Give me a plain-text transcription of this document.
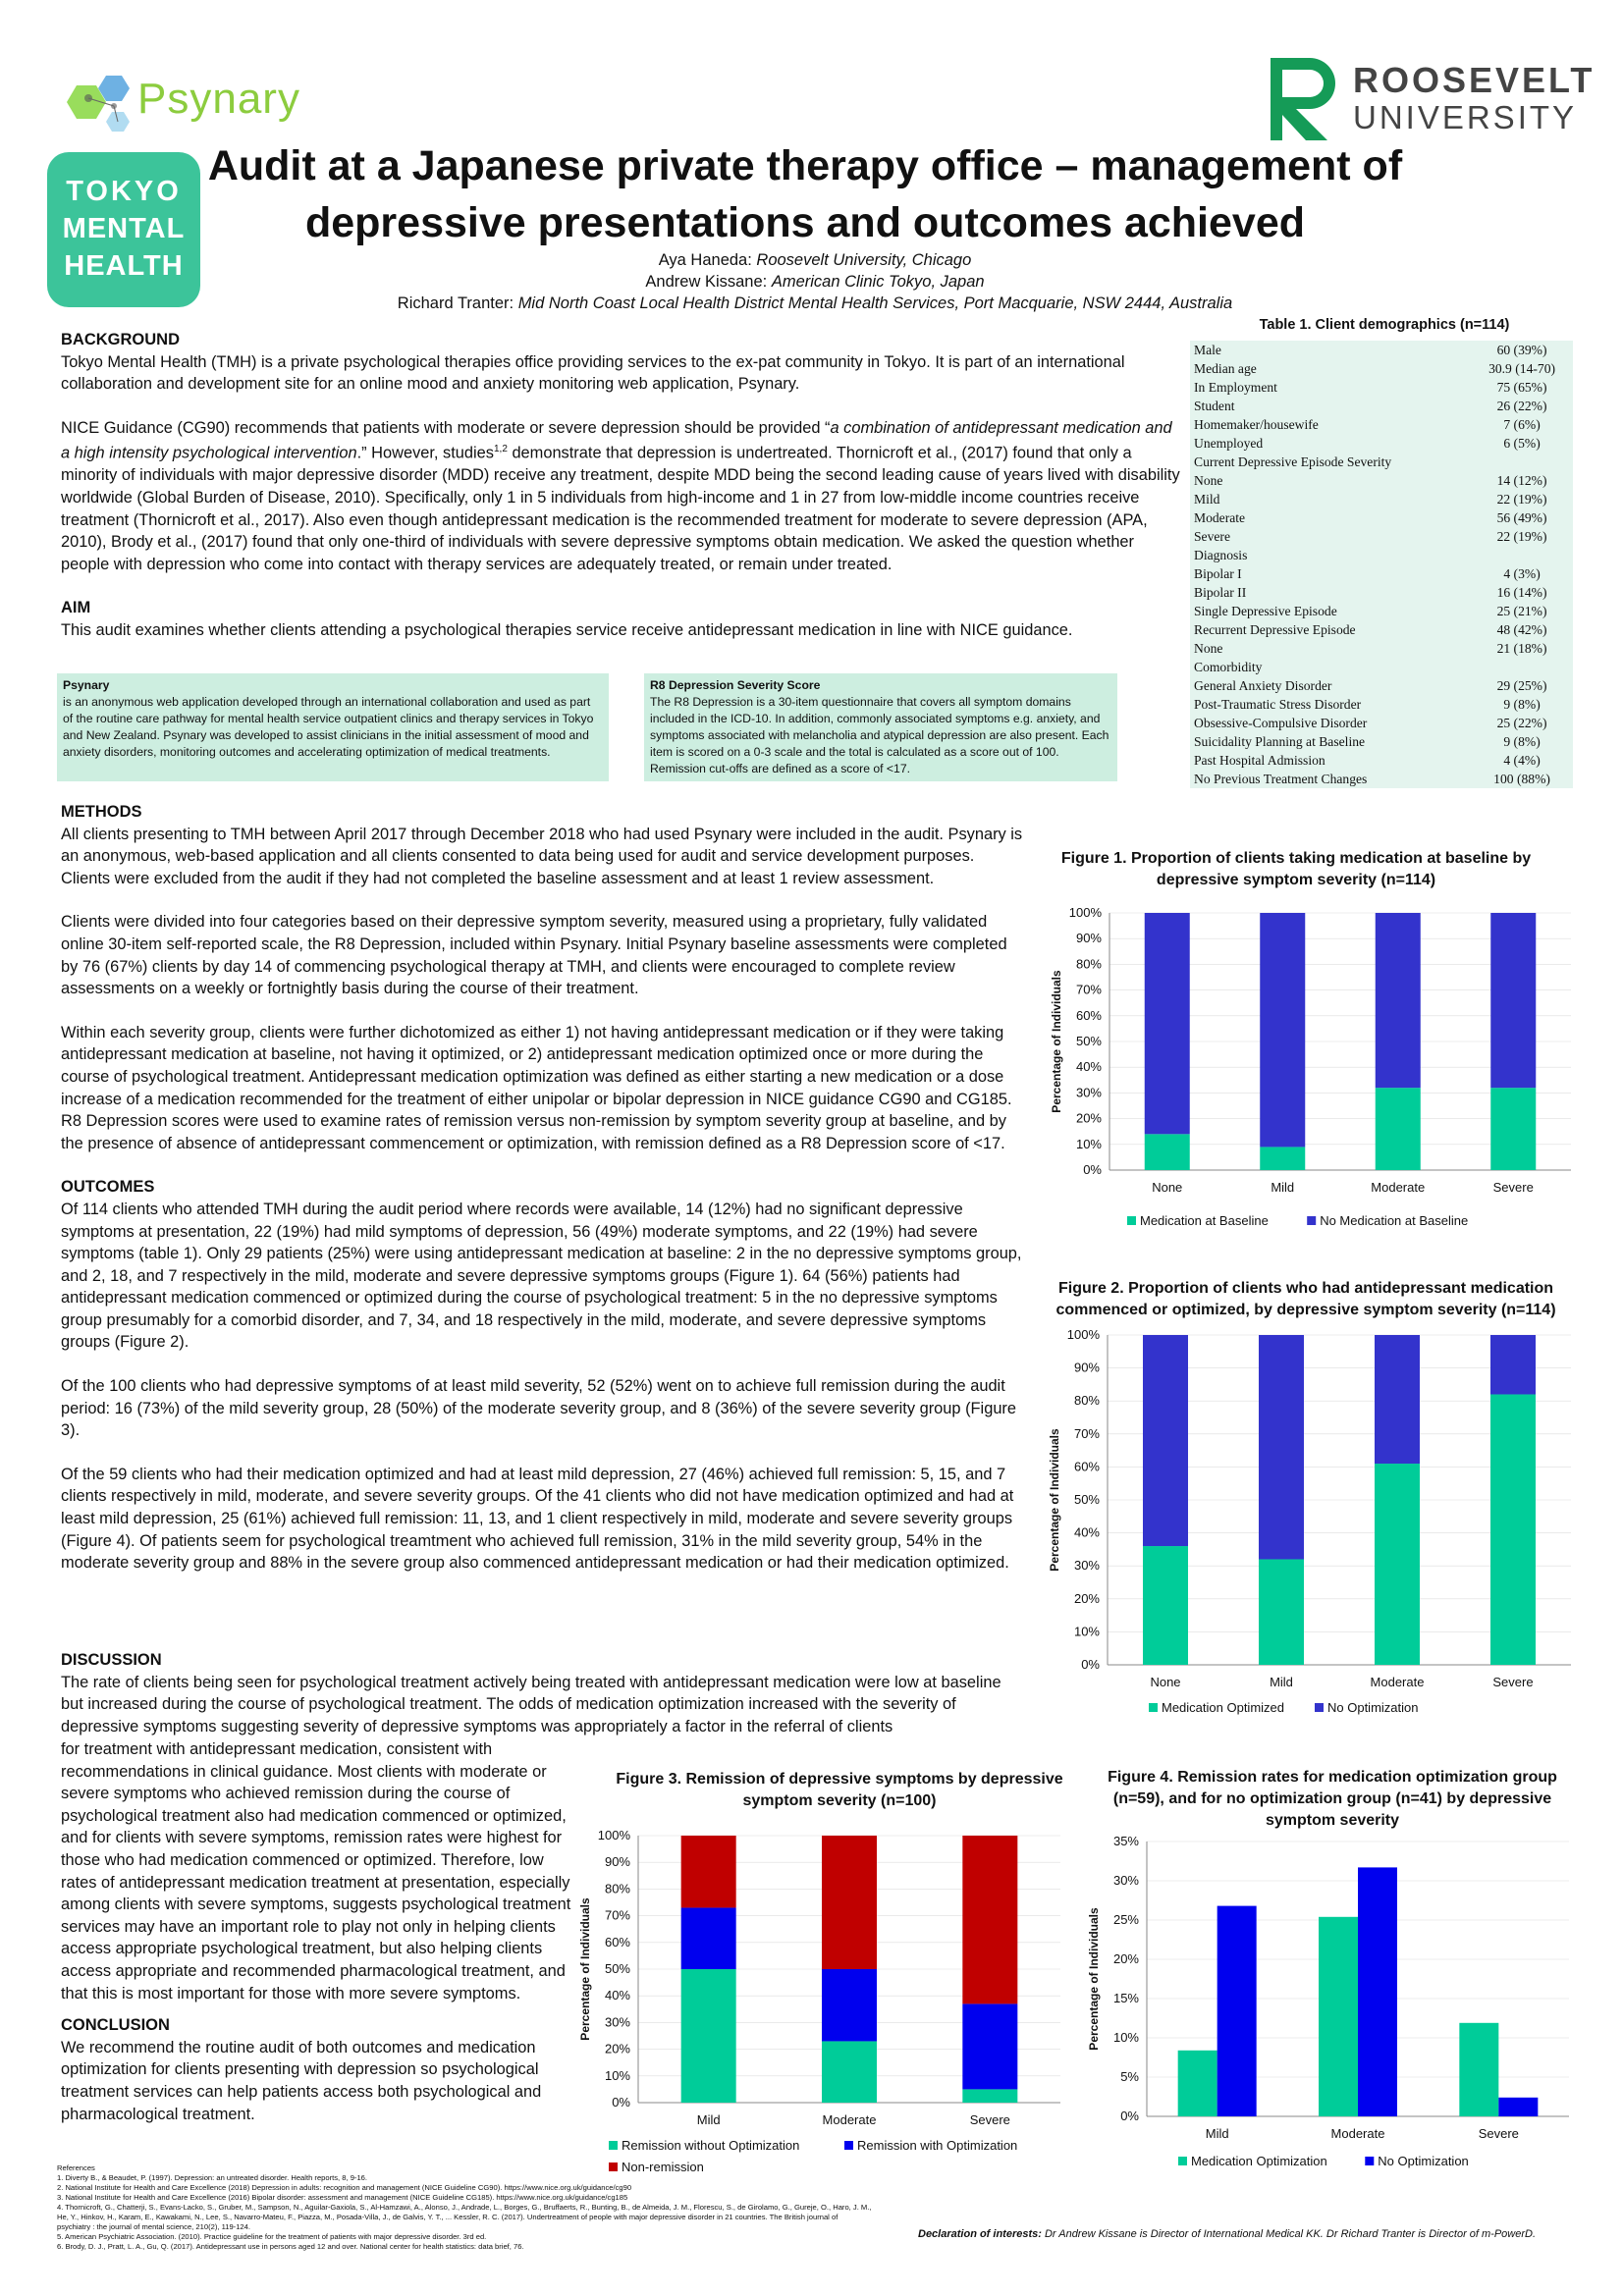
Psynary
TOKYO
MENTAL
HEALTH
ROOSEVELT
UNIVERSITY
Audit at a Japanese private therapy office – management of
depressive presentations and outcomes achieved
Aya Haneda: Roosevelt University, Chicago
Andrew Kissane: American Clinic Tokyo, Japan
Richard Tranter: Mid North Coast Local Health District Mental Health Services, Port Macquarie, NSW 2444, Australia
BACKGROUND

Tokyo Mental Health (TMH) is a private psychological therapies office providing services to the ex-pat community in Tokyo. It is part of an international collaboration and development site for an online mood and anxiety monitoring web application, Psynary.

NICE Guidance (CG90) recommends that patients with moderate or severe depression should be provided “a combination of antidepressant medication and a high intensity psychological intervention.” However, studies$^{1,2}$ demonstrate that depression is undertreated. Thornicroft et al., (2017) found that only a minority of individuals with major depressive disorder (MDD) receive any treatment, despite MDD being the second leading cause of years lived with disability worldwide (Global Burden of Disease, 2010). Specifically, only 1 in 5 individuals from high-income and 1 in 27 from low-middle income countries receive treatment (Thornicroft et al., 2017). Also even though antidepressant medication is the recommended treatment for moderate to severe depression (APA, 2010), Brody et al., (2017) found that only one-third of individuals with severe depressive symptoms obtain medication. We asked the question whether people with depression who come into contact with therapy services are adequately treated, or remain under treated.

AIM

This audit examines whether clients attending a psychological therapies service receive antidepressant medication in line with NICE guidance.

Psynary
is an anonymous web application developed through an international collaboration and used as part of the routine care pathway for mental health service outpatient clinics and therapy services in Tokyo and New Zealand. Psynary was developed to assist clinicians in the initial assessment of mood and anxiety disorders, monitoring outcomes and accelerating optimization of medical treatments.
R8 Depression Severity Score
The R8 Depression is a 30-item questionnaire that covers all symptom domains included in the ICD-10. In addition, commonly associated symptoms e.g. anxiety, and symptoms associated with melancholia and atypical depression are also present. Each item is scored on a 0-3 scale and the total is calculated as a score out of 100. Remission cut-offs are defined as a score of <17.
METHODS

All clients presenting to TMH between April 2017 through December 2018 who had used Psynary were included in the audit. Psynary is an anonymous, web-based application and all clients consented to data being used for audit and service development purposes. Clients were excluded from the audit if they had not completed the baseline assessment and at least 1 review assessment.

Clients were divided into four categories based on their depressive symptom severity, measured using a proprietary, fully validated online 30-item self-reported scale, the R8 Depression, included within Psynary. Initial Psynary baseline assessments were completed by 76 (67%) clients by day 14 of commencing psychological therapy at TMH, and clients were encouraged to complete review assessments on a weekly or fortnightly basis during the course of their treatment.

Within each severity group, clients were further dichotomized as either 1) not having antidepressant medication or if they were taking antidepressant medication at baseline, not having it optimized, or 2) antidepressant medication optimized once or more during the course of psychological treatment. Antidepressant medication optimization was defined as either starting a new medication or a dose increase of a medication recommended for the treatment of either unipolar or bipolar depression in NICE guidance CG90 and CG185. R8 Depression scores were used to examine rates of remission versus non-remission by symptom severity group at baseline, and by the presence of absence of antidepressant commencement or optimization, with remission defined as a R8 Depression score of <17.

OUTCOMES

Of 114 clients who attended TMH during the audit period where records were available, 14 (12%) had no significant depressive symptoms at presentation, 22 (19%) had mild symptoms of depression, 56 (49%) moderate symptoms, and 22 (19%) had severe symptoms (table 1). Only 29 patients (25%) were using antidepressant medication at baseline: 2 in the no depressive symptoms group, and 2, 18, and 7 respectively in the mild, moderate and severe depressive symptoms groups (Figure 1). 64 (56%) patients had antidepressant medication commenced or optimized during the course of psychological treatment: 5 in the no depressive symptoms group presumably for a comorbid disorder, and 7, 34, and 18 respectively in the mild, moderate, and severe depressive symptoms groups (Figure 2).

Of the 100 clients who had depressive symptoms of at least mild severity, 52 (52%) went on to achieve full remission during the audit period: 16 (73%) of the mild severity group, 28 (50%) of the moderate severity group, and 8 (36%) of the severe severity group (Figure 3).

Of the 59 clients who had their medication optimized and had at least mild depression, 27 (46%) achieved full remission: 5, 15, and 7 clients respectively in mild, moderate, and severe severity groups. Of the 41 clients who did not have medication optimized and had at least mild depression, 25 (61%) achieved full remission: 11, 13, and 1 client respectively in mild, moderate and severe severity groups (Figure 4). Of patients seem for psychological treamtment who achieved full remission, 31% in the mild severity group, 54% in the moderate severity group and 88% in the severe group also commenced antidepressant medication or had their medication optimized.

DISCUSSION
The rate of clients being seen for psychological treatment actively being treated with antidepressant medication were low at baseline but increased during the course of psychological treatment. The odds of medication optimization increased with the severity of depressive symptoms suggesting severity of depressive symptoms was appropriately a factor in the referral of clients

for treatment with antidepressant medication, consistent with recommendations in clinical guidance. Most clients with moderate or severe symptoms who achieved remission during the course of psychological treatment also had medication commenced or optimized, and for clients with severe symptoms, remission rates were highest for those who had medication commenced or optimized. Therefore, low rates of antidepressant medication treatment at presentation, especially among clients with severe symptoms, suggests psychological treatment services may have an important role to play not only in helping clients access appropriate psychological treatment, but also helping clients access appropriate and recommended pharmacological treatment, and that this is most important for those with more severe symptoms.

CONCLUSION

We recommend the routine audit of both outcomes and medication optimization for clients presenting with depression so psychological treatment services can help patients access both psychological and pharmacological treatment.

Table 1. Client demographics (n=114)
Male	60 (39%)
Median age	30.9 (14-70)
In Employment	75 (65%)
Student	26 (22%)
Homemaker/housewife	7 (6%)
Unemployed	6 (5%)
Current Depressive Episode Severity	
None	14 (12%)
Mild	22 (19%)
Moderate	56 (49%)
Severe	22 (19%)
Diagnosis	
Bipolar I	4 (3%)
Bipolar II	16 (14%)
Single Depressive Episode	25 (21%)
Recurrent Depressive Episode	48 (42%)
None	21 (18%)
Comorbidity	
General Anxiety Disorder	29 (25%)
Post-Traumatic Stress Disorder	9 (8%)
Obsessive-Compulsive Disorder	25 (22%)
Suicidality Planning at Baseline	9 (8%)
Past Hospital Admission	4 (4%)
No Previous Treatment Changes	100 (88%)
Figure 1. Proportion of clients taking medication at baseline by depressive symptom severity (n=114)
0%
10%
20%
30%
40%
50%
60%
70%
80%
90%
100%
Percentage of Individuals
None	Mild	Moderate	Severe
Medication at Baseline	No Medication at Baseline
Figure 2. Proportion of clients who had antidepressant medication commenced or optimized, by depressive symptom severity (n=114)
0%
10%
20%
30%
40%
50%
60%
70%
80%
90%
100%
Percentage of Individuals
None	Mild	Moderate	Severe
Medication Optimized	No Optimization
Figure 3. Remission of depressive symptoms by depressive symptom severity (n=100)
0%
10%
20%
30%
40%
50%
60%
70%
80%
90%
100%
Percentage of Individuals
Mild	Moderate	Severe
Remission without Optimization	Remission with Optimization
Non-remission
Figure 4. Remission rates for medication optimization group (n=59), and for no optimization group (n=41) by depressive symptom severity
0%
5%
10%
15%
20%
25%
30%
35%
Percentage of Individuals
Mild	Moderate	Severe
Medication Optimization	No Optimization
References
1. Diverty B., & Beaudet, P. (1997). Depression: an untreated disorder. Health reports, 8, 9-16.
2. National Institute for Health and Care Excellence (2018) Depression in adults: recognition and management (NICE Guideline CG90). https://www.nice.org.uk/guidance/cg90
3. National Institute for Health and Care Excellence (2016) Bipolar disorder: assessment and management (NICE Guideline CG185). https://www.nice.org.uk/guidance/cg185
4. Thornicroft, G., Chatterji, S., Evans-Lacko, S., Gruber, M., Sampson, N., Aguilar-Gaxiola, S., Al-Hamzawi, A., Alonso, J., Andrade, L., Borges, G., Bruffaerts, R., Bunting, B., de Almeida, J. M., Florescu, S., de Girolamo, G., Gureje, O., Haro, J. M., He, Y., Hinkov, H., Karam, E., Kawakami, N., Lee, S., Navarro-Mateu, F., Piazza, M., Posada-Villa, J., de Galvis, Y. T., ... Kessler, R. C. (2017). Undertreatment of people with major depressive disorder in 21 countries. The British journal of psychiatry : the journal of mental science, 210(2), 119-124.
5. American Psychiatric Association. (2010). Practice guideline for the treatment of patients with major depressive disorder. 3rd ed.
6. Brody, D. J., Pratt, L. A., Gu, Q. (2017). Antidepressant use in persons aged 12 and over. National center for health statistics: data brief, 76.
Declaration of interests: Dr Andrew Kissane is Director of International Medical KK. Dr Richard Tranter is Director of m-PowerD.
